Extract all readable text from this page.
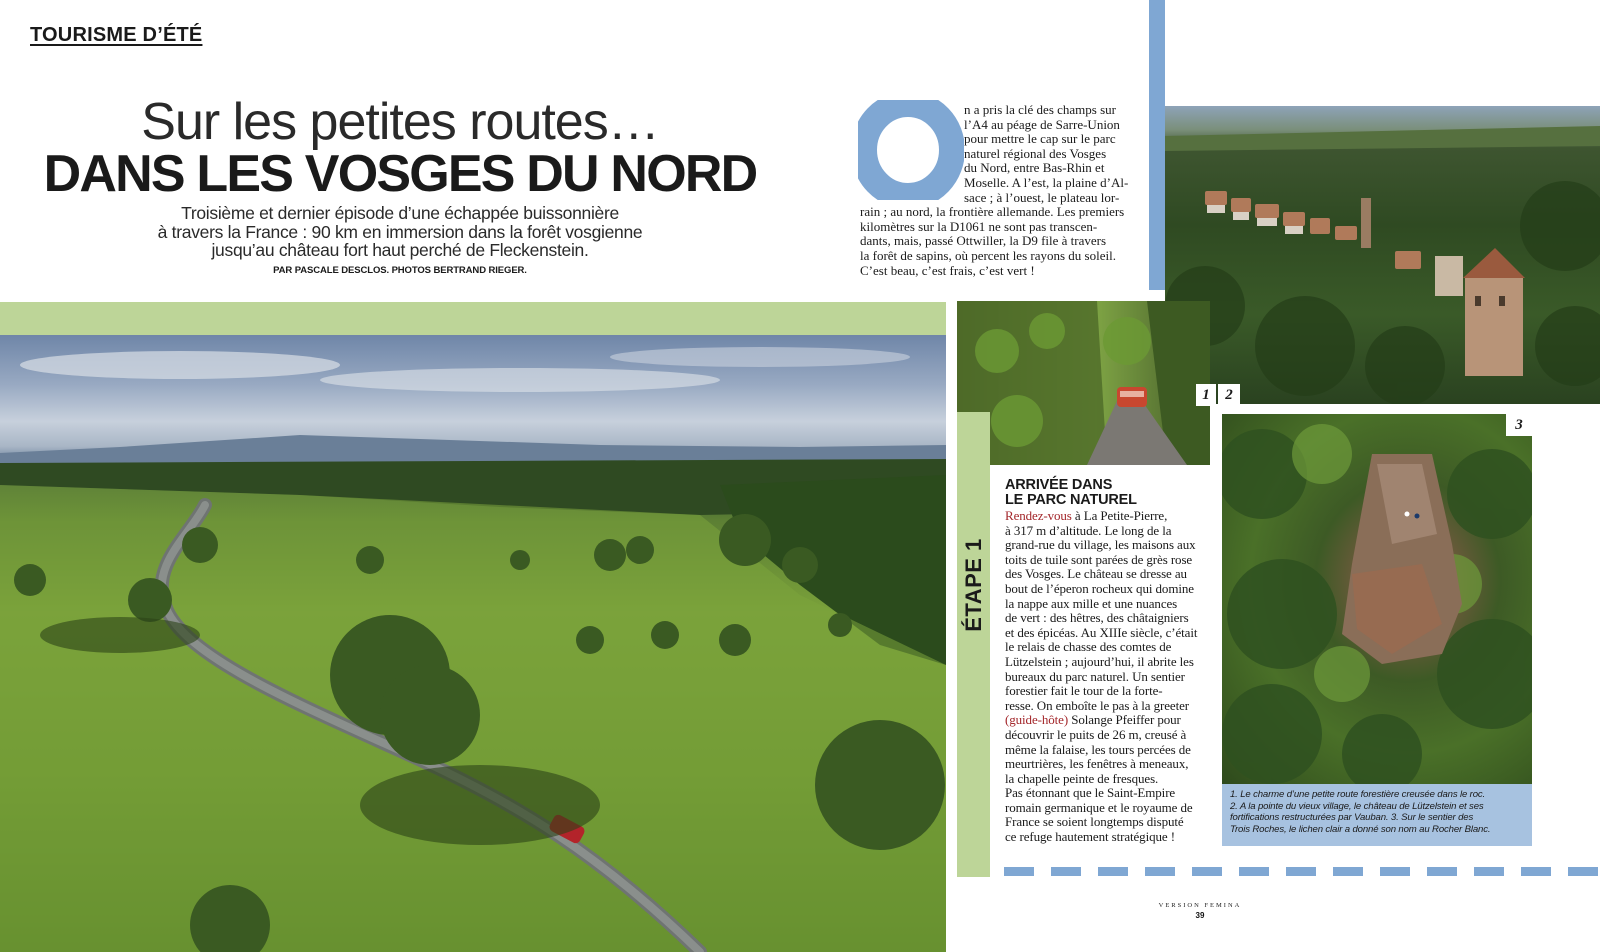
TOURISME D’ÉTÉ
Sur les petites routes…
DANS LES VOSGES DU NORD
Troisième et dernier épisode d’une échappée buissonnière
à travers la France : 90 km en immersion dans la forêt vosgienne
jusqu’au château fort haut perché de Fleckenstein.
PAR PASCALE DESCLOS. PHOTOS BERTRAND RIEGER.
n a pris la clé des champs sur
l’A4 au péage de Sarre-Union
pour mettre le cap sur le parc
naturel régional des Vosges
du Nord, entre Bas-Rhin et
Moselle. A l’est, la plaine d’Al-
sace ; à l’ouest, le plateau lor-
rain ; au nord, la frontière allemande. Les premiers
kilomètres sur la D1061 ne sont pas transcen-
dants, mais, passé Ottwiller, la D9 file à travers
la forêt de sapins, où percent les rayons du soleil.
C’est beau, c’est frais, c’est vert !
1	2
3
1. Le charme d’une petite route forestière creusée dans le roc.
2. A la pointe du vieux village, le château de Lützelstein et ses
fortifications restructurées par Vauban. 3. Sur le sentier des
Trois Roches, le lichen clair a donné son nom au Rocher Blanc.
ÉTAPE 1
ARRIVÉE DANS
LE PARC NATUREL
Rendez-vous à La Petite-Pierre,
à 317 m d’altitude. Le long de la
grand-rue du village, les maisons aux
toits de tuile sont parées de grès rose
des Vosges. Le château se dresse au
bout de l’éperon rocheux qui domine
la nappe aux mille et une nuances
de vert : des hêtres, des châtaigniers
et des épicéas. Au XIIIe siècle, c’était
le relais de chasse des comtes de
Lützelstein ; aujourd’hui, il abrite les
bureaux du parc naturel. Un sentier
forestier fait le tour de la forte-
resse. On emboîte le pas à la greeter
(guide-hôte) Solange Pfeiffer pour
découvrir le puits de 26 m, creusé à
même la falaise, les tours percées de
meurtrières, les fenêtres à meneaux,
la chapelle peinte de fresques.
Pas étonnant que le Saint-Empire
romain germanique et le royaume de
France se soient longtemps disputé
ce refuge hautement stratégique !
VERSION FEMINA
39
